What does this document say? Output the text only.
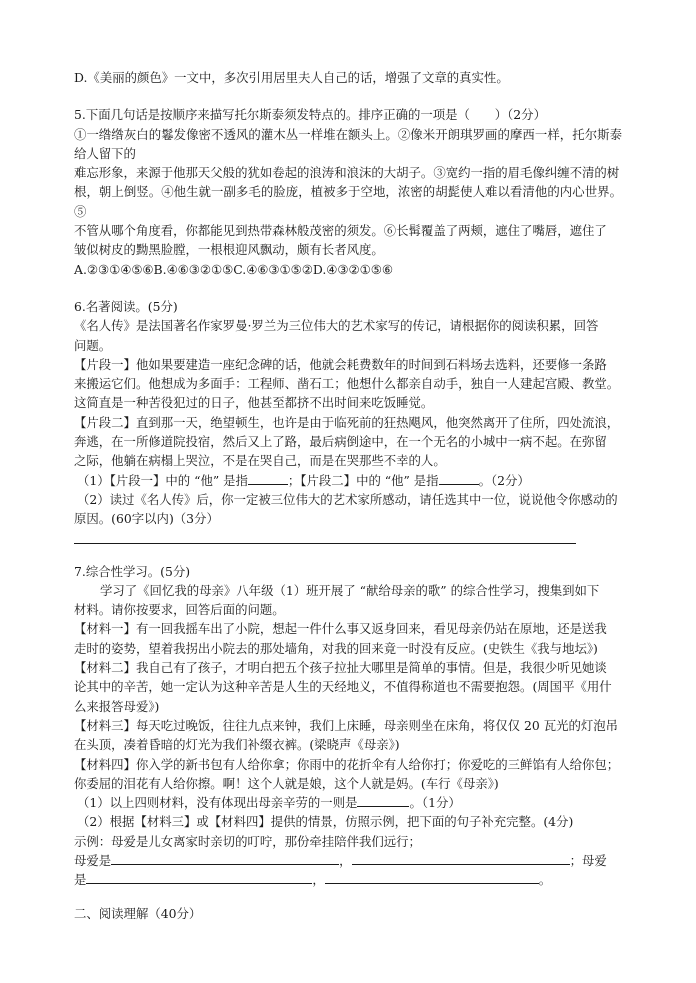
D.《美丽的颜色》一文中，多次引用居里夫人自己的话，增强了文章的真实性。

5.下面几句话是按顺序来描写托尔斯泰须发特点的。排序正确的一项是（　　）（2分）

①一绺绺灰白的鬈发像密不透风的灌木丛一样堆在额头上。②像米开朗琪罗画的摩西一样，托尔斯泰给人留下的

难忘形象，来源于他那天父般的犹如卷起的浪涛和浪沫的大胡子。③宽约一指的眉毛像纠缠不清的树

根，朝上倒竖。④他生就一副多毛的脸庞，植被多于空地，浓密的胡髭使人难以看清他的内心世界。⑤

不管从哪个角度看，你都能见到热带森林般茂密的须发。⑥长髯覆盖了两颊，遮住了嘴唇，遮住了

皱似树皮的黝黑脸膛，一根根迎风飘动，颇有长者风度。

A.②③①④⑤⑥B.④⑥③②①⑤C.④⑥③①⑤②D.④③②①⑤⑥

6.名著阅读。(5分)

《名人传》是法国著名作家罗曼·罗兰为三位伟大的艺术家写的传记，请根据你的阅读积累，回答

问题。

【片段一】他如果要建造一座纪念碑的话，他就会耗费数年的时间到石料场去选料，还要修一条路

来搬运它们。他想成为多面手：工程师、凿石工；他想什么都亲自动手，独自一人建起宫殿、教堂。

这简直是一种苦役犯过的日子，他甚至都挤不出时间来吃饭睡觉。

【片段二】直到那一天，绝望顿生，也许是由于临死前的狂热飓风，他突然离开了住所，四处流浪，

奔逃，在一所修道院投宿，然后又上了路，最后病倒途中，在一个无名的小城中一病不起。在弥留

之际，他躺在病榻上哭泣，不是在哭自己，而是在哭那些不幸的人。

（1）【片段一】中的 “他” 是指	；【片段二】中的 “他” 是指	。（2分）

（2）读过《名人传》后，你一定被三位伟大的艺术家所感动，请任选其中一位，说说他令你感动的

原因。(60字以内)（3分）

7.综合性学习。(5分)

学习了《回忆我的母亲》八年级（1）班开展了 “献给母亲的歌” 的综合性学习，搜集到如下

材料。请你按要求，回答后面的问题。

【材料一】有一回我摇车出了小院，想起一件什么事又返身回来，看见母亲仍站在原地，还是送我

走时的姿势，望着我拐出小院去的那处墙角，对我的回来竟一时没有反应。(史铁生《我与地坛》)

【材料二】我自己有了孩子，才明白把五个孩子拉扯大哪里是简单的事情。但是，我很少听见她谈

论其中的辛苦，她一定认为这种辛苦是人生的天经地义，不值得称道也不需要抱怨。(周国平《用什

么来报答母爱》)

【材料三】每天吃过晚饭，往往九点来钟，我们上床睡，母亲则坐在床角，将仅仅 20 瓦光的灯泡吊

在头顶，凑着昏暗的灯光为我们补缀衣裤。(梁晓声《母亲》)

【材料四】你入学的新书包有人给你拿；你雨中的花折伞有人给你打；你爱吃的三鲜馅有人给你包；

你委屈的泪花有人给你擦。啊！这个人就是娘，这个人就是妈。(车行《母亲》)

（1）以上四则材料，没有体现出母亲辛劳的一则是	。（1分）

（2）根据【材料三】或【材料四】提供的情景，仿照示例，把下面的句子补充完整。(4分)

示例：母爱是儿女离家时亲切的叮咛，那份牵挂陪伴我们远行；

母爱是	，	；母爱

是	，	。

二、阅读理解（40分）
